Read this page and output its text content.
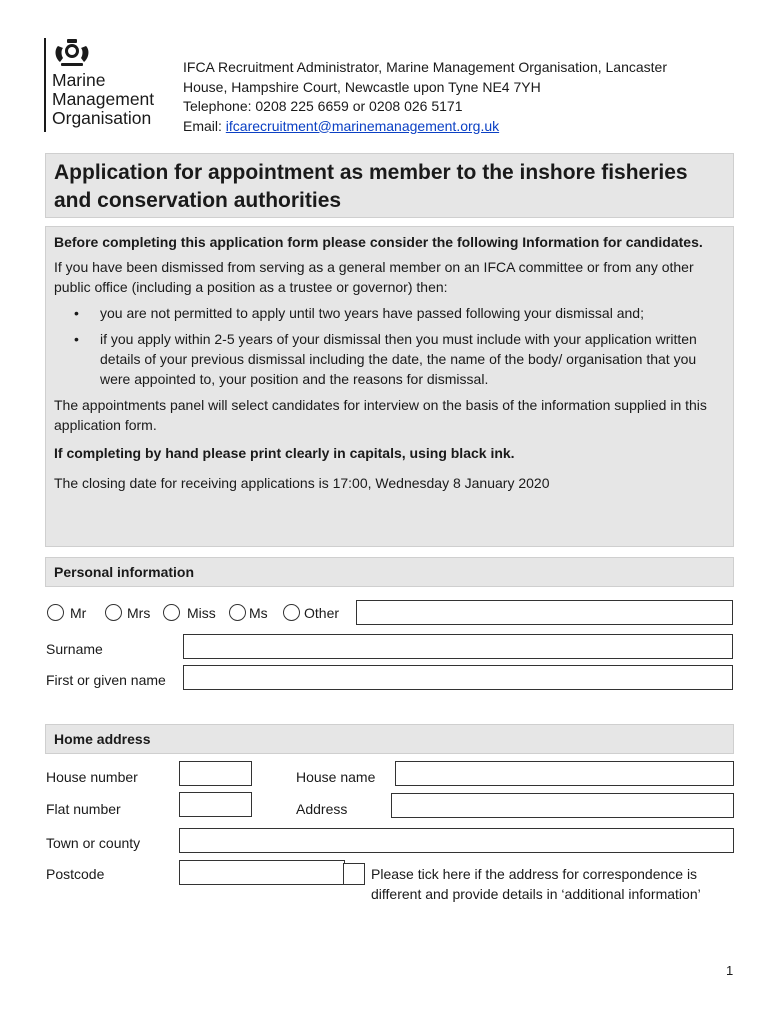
Marine
Management
Organisation
IFCA Recruitment Administrator, Marine Management Organisation, Lancaster
House, Hampshire Court, Newcastle upon Tyne NE4 7YH
Telephone: 0208 225 6659 or 0208 026 5171
Email: ifcarecruitment@marinemanagement.org.uk
Application for appointment as member to the inshore fisheries and conservation authorities

Before completing this application form please consider the following Information for candidates.

If you have been dismissed from serving as a general member on an IFCA committee or from any other public office (including a position as a trustee or governor) then:

• you are not permitted to apply until two years have passed following your dismissal and;
• if you apply within 2-5 years of your dismissal then you must include with your application written details of your previous dismissal including the date, the name of the body/ organisation that you were appointed to, your position and the reasons for dismissal.

The appointments panel will select candidates for interview on the basis of the information supplied in this application form.

If completing by hand please print clearly in capitals, using black ink.

The closing date for receiving applications is 17:00, Wednesday 8 January 2020

Personal information
Mr	Mrs	Miss Ms	Other
Surname
First or given name
Home address
House number	House name
Flat number	Address
Town or county
Postcode	Please tick here if the address for correspondence is different and provide details in ‘additional information’
1
